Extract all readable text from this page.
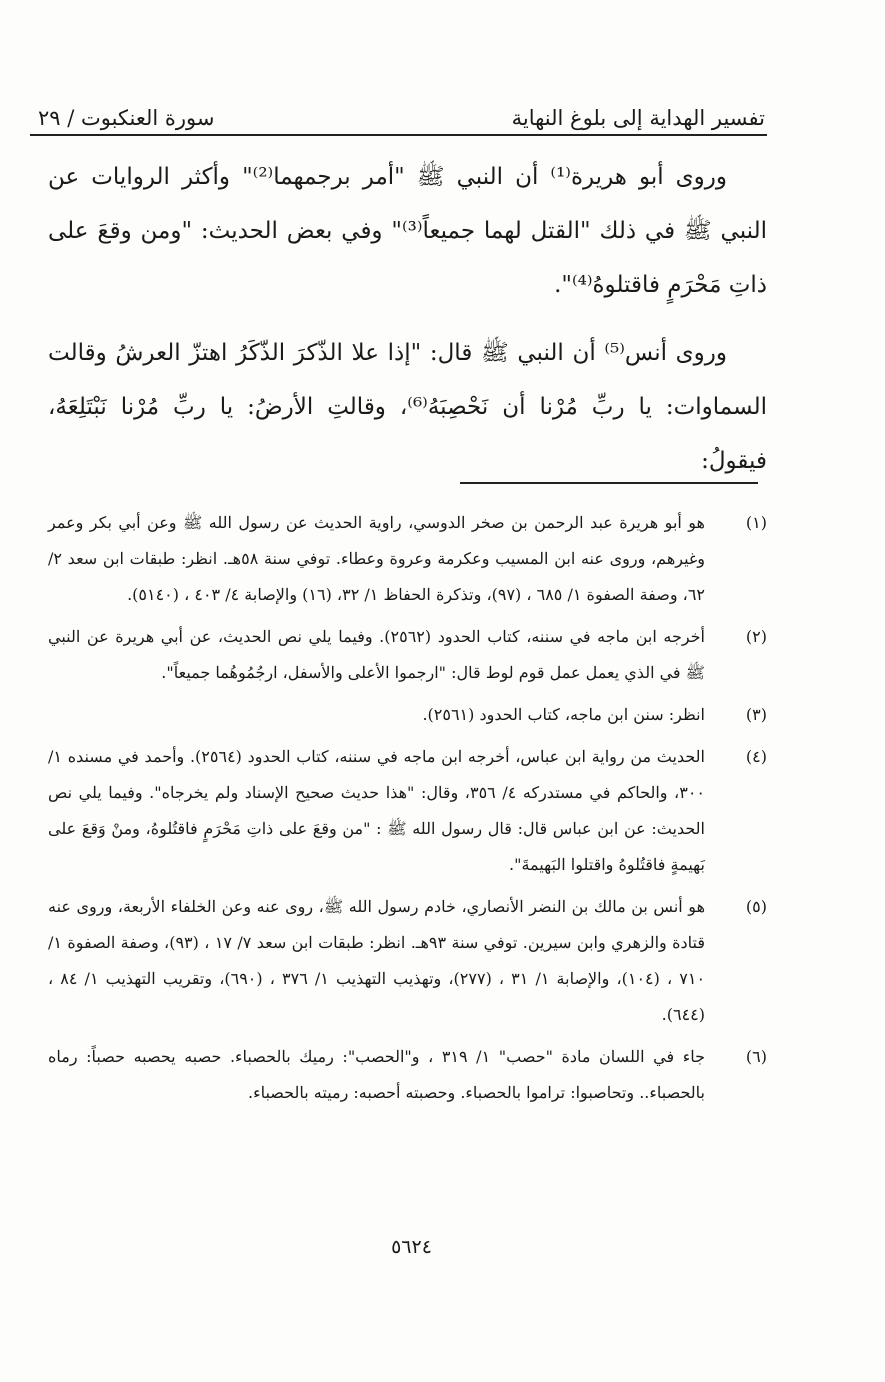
تفسير الهداية إلى بلوغ النهاية
سورة العنكبوت / ٢٩

وروى أبو هريرة⁽¹⁾ أن النبي ﷺ "أمر برجمهما⁽²⁾" وأكثر الروايات عن النبي ﷺ في ذلك "القتل لهما جميعاً⁽³⁾" وفي بعض الحديث: "ومن وقعَ على ذاتِ مَحْرَمٍ فاقتلوهُ⁽⁴⁾".

وروى أنس⁽⁵⁾ أن النبي ﷺ قال: "إذا علا الذّكرَ الذّكَرُ اهتزّ العرشُ وقالت السماوات: يا ربِّ مُرْنا أن نَحْصِبَهُ⁽⁶⁾، وقالتِ الأرضُ: يا ربِّ مُرْنا نَبْتَلِعَهُ، فيقولُ:

(١)
هو أبو هريرة عبد الرحمن بن صخر الدوسي، راوية الحديث عن رسول الله ﷺ وعن أبي بكر وعمر وغيرهم، وروى عنه ابن المسيب وعكرمة وعروة وعطاء. توفي سنة ٥٨هـ. انظر: طبقات ابن سعد ٢/ ٦٢، وصفة الصفوة ١/ ٦٨٥ ، (٩٧)، وتذكرة الحفاظ ١/ ٣٢، (١٦) والإصابة ٤/ ٤٠٣ ، (٥١٤٠).
(٢)
أخرجه ابن ماجه في سننه، كتاب الحدود (٢٥٦٢). وفيما يلي نص الحديث، عن أبي هريرة عن النبي ﷺ في الذي يعمل عمل قوم لوط قال: "ارجموا الأعلى والأسفل، ارجُمُوهُما جميعاً".
(٣)
انظر: سنن ابن ماجه، كتاب الحدود (٢٥٦١).
(٤)
الحديث من رواية ابن عباس، أخرجه ابن ماجه في سننه، كتاب الحدود (٢٥٦٤). وأحمد في مسنده ١/ ٣٠٠، والحاكم في مستدركه ٤/ ٣٥٦، وقال: "هذا حديث صحيح الإسناد ولم يخرجاه". وفيما يلي نص الحديث: عن ابن عباس قال: قال رسول الله ﷺ : "من وقعَ على ذاتِ مَحْرَمٍ فاقتُلوهُ، ومنْ وَقعَ على بَهيمةٍ فاقتُلوهُ واقتلوا البَهيمةَ".
(٥)
هو أنس بن مالك بن النضر الأنصاري، خادم رسول الله ﷺ، روى عنه وعن الخلفاء الأربعة، وروى عنه قتادة والزهري وابن سيرين. توفي سنة ٩٣هـ. انظر: طبقات ابن سعد ٧/ ١٧ ، (٩٣)، وصفة الصفوة ١/ ٧١٠ ، (١٠٤)، والإصابة ١/ ٣١ ، (٢٧٧)، وتهذيب التهذيب ١/ ٣٧٦ ، (٦٩٠)، وتقريب التهذيب ١/ ٨٤ ، (٦٤٤).
(٦)
جاء في اللسان مادة "حصب" ١/ ٣١٩ ، و"الحصب": رميك بالحصباء. حصبه يحصبه حصباً: رماه بالحصباء.. وتحاصبوا: تراموا بالحصباء. وحصبته أحصبه: رميته بالحصباء.
٥٦٢٤
